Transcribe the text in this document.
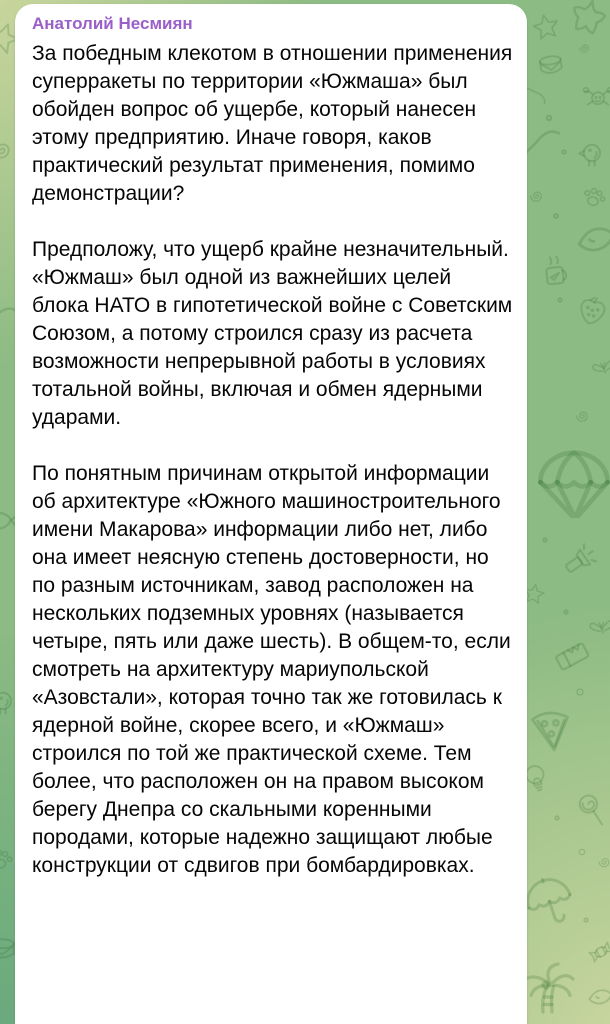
Анатолий Несмиян

За победным клекотом в отношении применения суперракеты по территории «Южмаша» был обойден вопрос об ущербе, который нанесен этому предприятию. Иначе говоря, каков практический результат применения, помимо демонстрации?

Предположу, что ущерб крайне незначительный. «Южмаш» был одной из важнейших целей блока НАТО в гипотетической войне с Советским Союзом, а потому строился сразу из расчета возможности непрерывной работы в условиях тотальной войны, включая и обмен ядерными ударами.

По понятным причинам открытой информации об архитектуре «Южного машиностроительного имени Макарова» информации либо нет, либо она имеет неясную степень достоверности, но по разным источникам, завод расположен на нескольких подземных уровнях (называется четыре, пять или даже шесть). В общем-то, если смотреть на архитектуру мариупольской «Азовстали», которая точно так же готовилась к ядерной войне, скорее всего, и «Южмаш» строился по той же практической схеме. Тем более, что расположен он на правом высоком берегу Днепра со скальными коренными породами, которые надежно защищают любые конструкции от сдвигов при бомбардировках.
